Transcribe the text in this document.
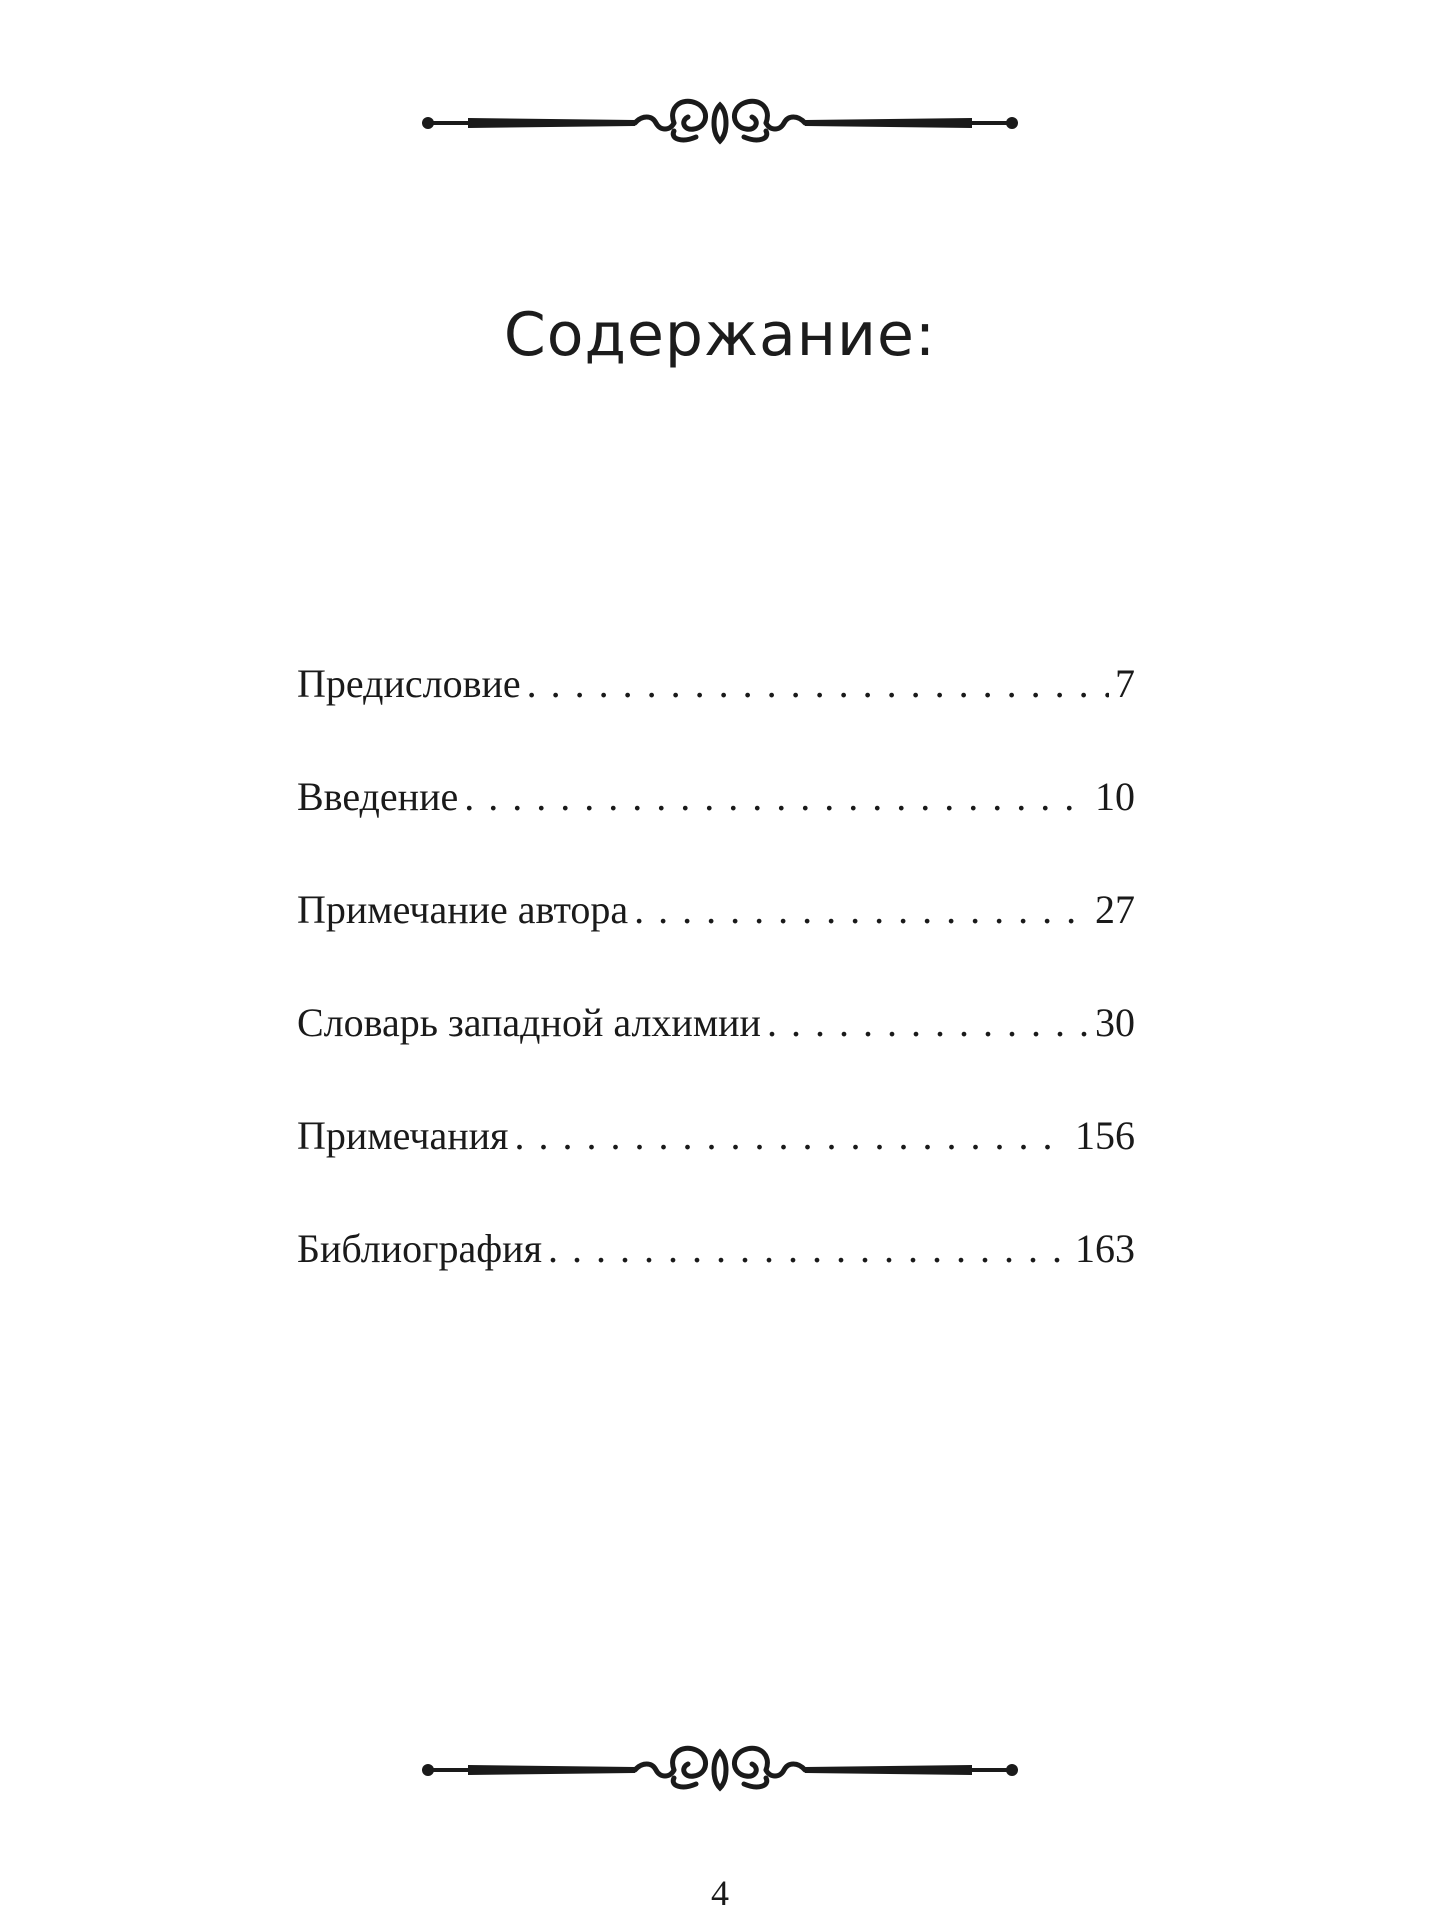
Содержание:
Предисловие . . .	7
Введение . . .	10
Примечание автора . . .	27
Словарь западной алхимии . . .	30
Примечания . . .	156
Библиография . . .	163
4
